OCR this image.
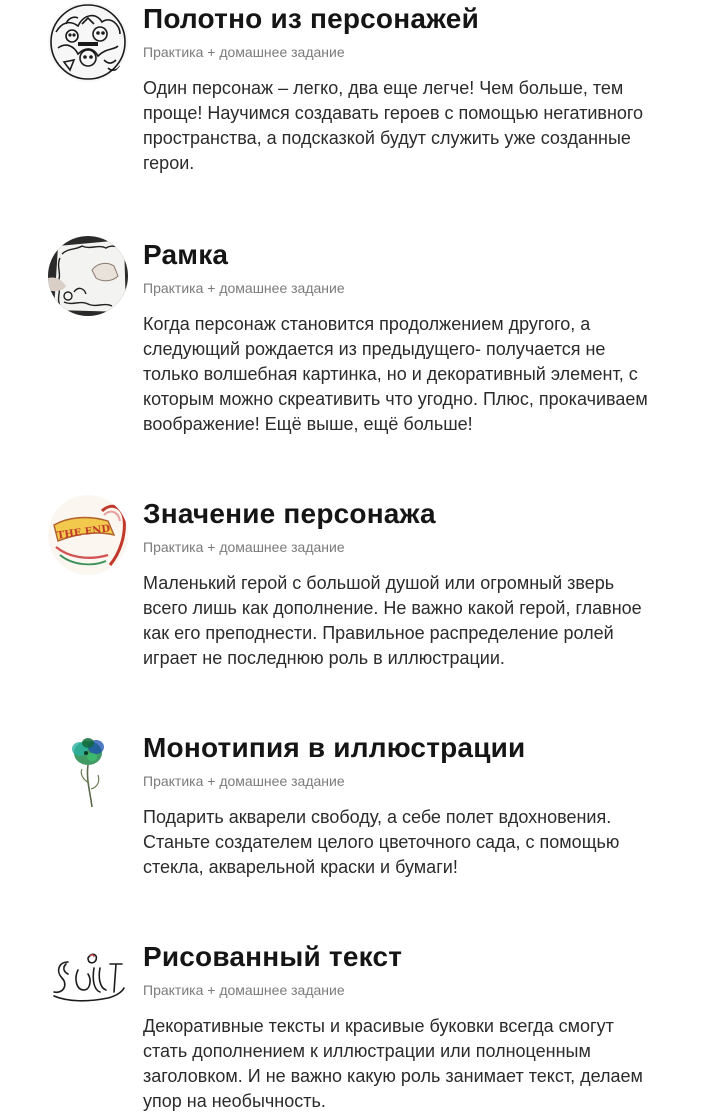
Полотно из персонажей
Практика + домашнее задание
Один персонаж – легко, два еще легче! Чем больше, тем проще! Научимся создавать героев с помощью негативного пространства, а подсказкой будут служить уже созданные герои.
Рамка
Практика + домашнее задание
Когда персонаж становится продолжением другого, а следующий рождается из предыдущего- получается не только волшебная картинка, но и декоративный элемент, с которым можно скреативить что угодно. Плюс, прокачиваем воображение! Ещё выше, ещё больше!
THE END
Значение персонажа
Практика + домашнее задание
Маленький герой с большой душой или огромный зверь всего лишь как дополнение. Не важно какой герой, главное как его преподнести. Правильное распределение ролей играет не последнюю роль в иллюстрации.
Монотипия в иллюстрации
Практика + домашнее задание
Подарить акварели свободу, а себе полет вдохновения. Станьте создателем целого цветочного сада, с помощью стекла, акварельной краски и бумаги!
Рисованный текст
Практика + домашнее задание
Декоративные тексты и красивые буковки всегда смогут стать дополнением к иллюстрации или полноценным заголовком. И не важно какую роль занимает текст, делаем упор на необычность.
